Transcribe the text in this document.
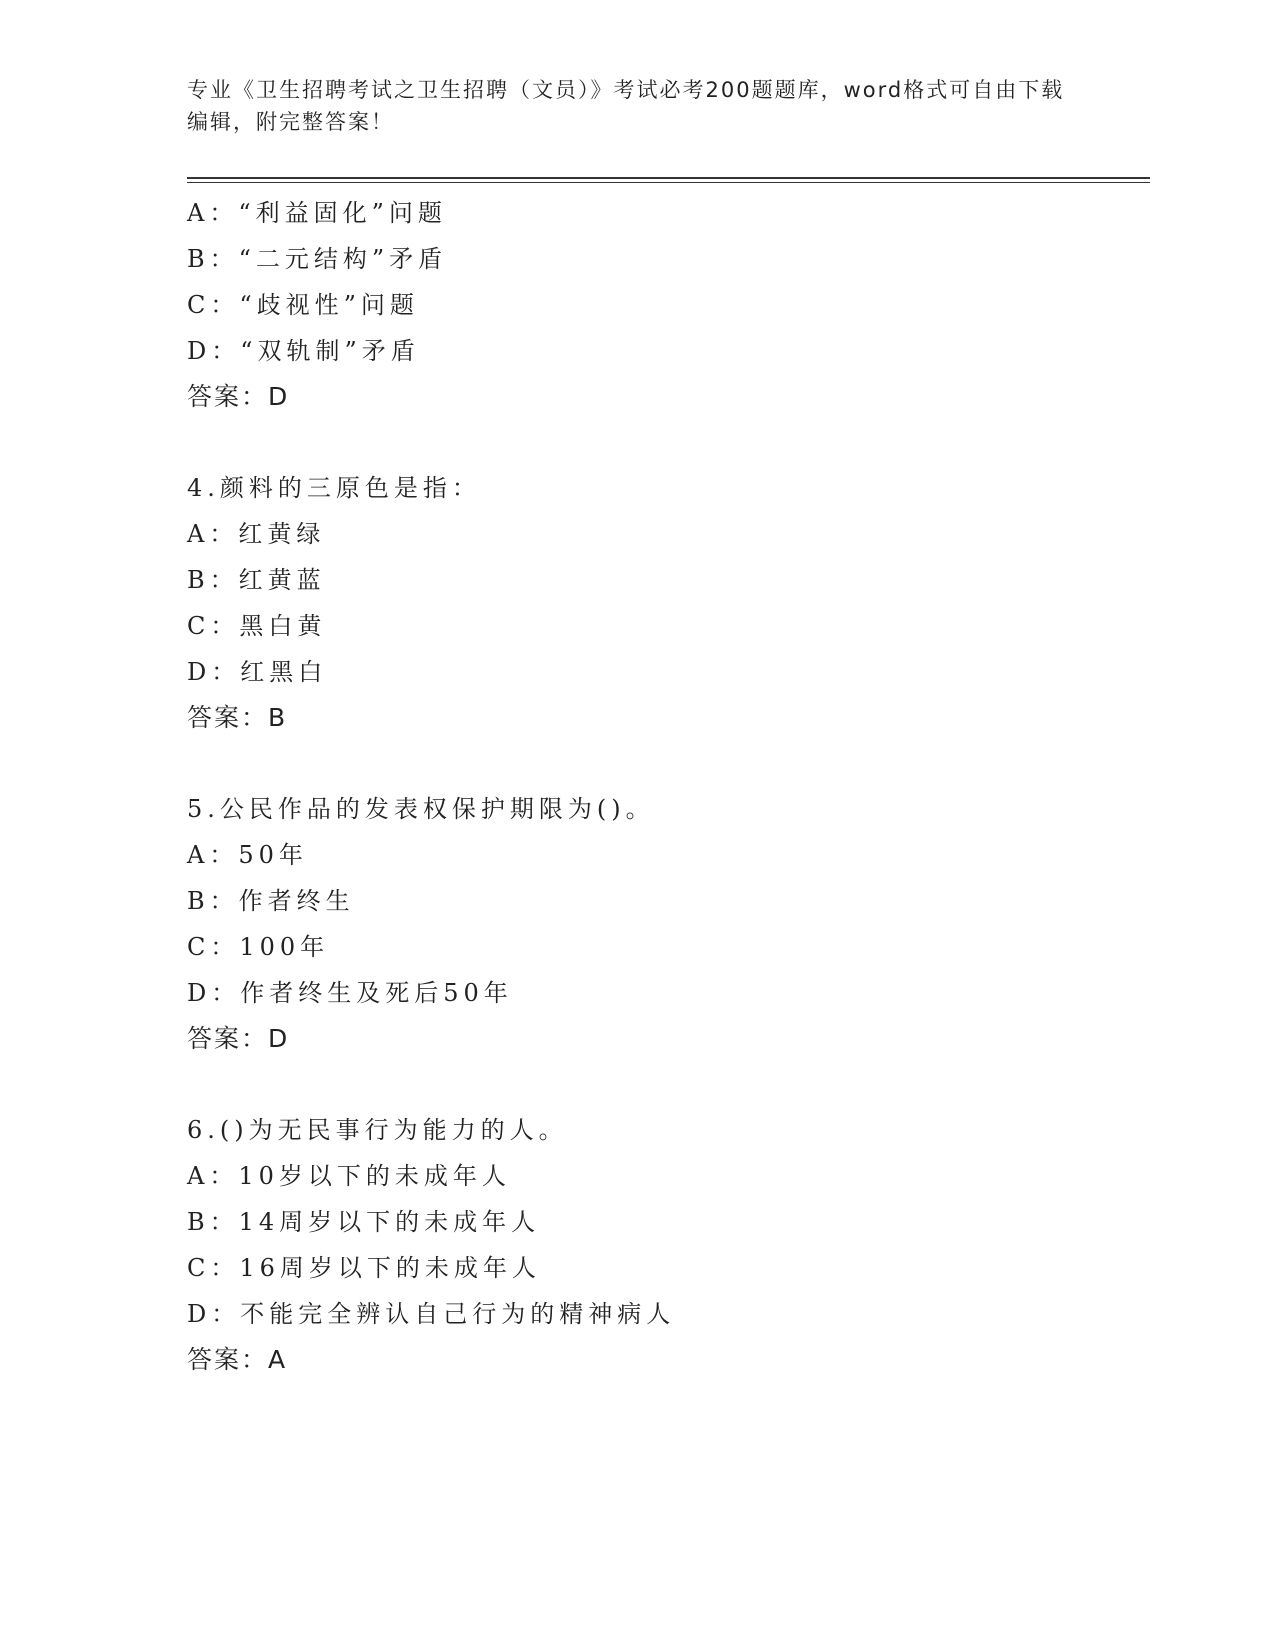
专业《卫生招聘考试之卫生招聘（文员）》考试必考200题题库，word格式可自由下载编辑，附完整答案！
A：“利益固化”问题
B：“二元结构”矛盾
C：“歧视性”问题
D：“双轨制”矛盾
答案：D
4.颜料的三原色是指：
A：红黄绿
B：红黄蓝
C：黑白黄
D：红黑白
答案：B
5.公民作品的发表权保护期限为()。
A：50年
B：作者终生
C：100年
D：作者终生及死后50年
答案：D
6.()为无民事行为能力的人。
A：10岁以下的未成年人
B：14周岁以下的未成年人
C：16周岁以下的未成年人
D：不能完全辨认自己行为的精神病人
答案：A
